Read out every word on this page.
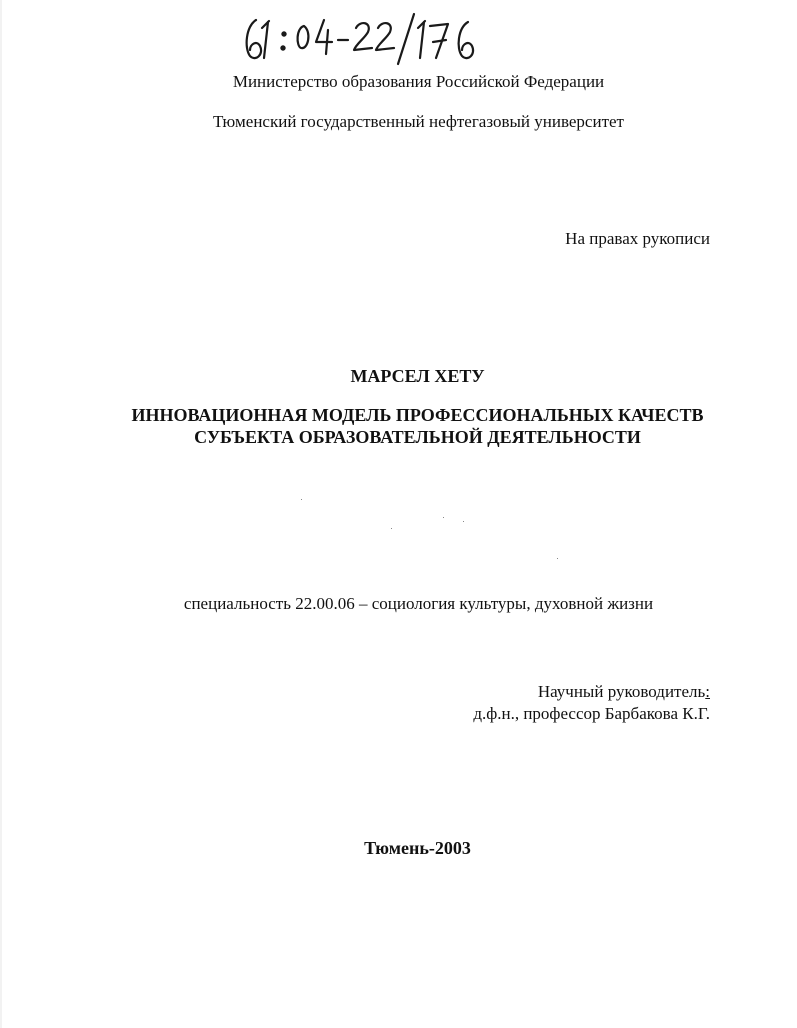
Министерство образования Российской Федерации
Тюменский государственный нефтегазовый университет
На правах рукописи
МАРСЕЛ ХЕТУ
ИННОВАЦИОННАЯ МОДЕЛЬ ПРОФЕССИОНАЛЬНЫХ КАЧЕСТВ
СУБЪЕКТА ОБРАЗОВАТЕЛЬНОЙ ДЕЯТЕЛЬНОСТИ
специальность 22.00.06 – социология культуры, духовной жизни
Научный руководитель:
д.ф.н., профессор Барбакова К.Г.
Тюмень-2003
